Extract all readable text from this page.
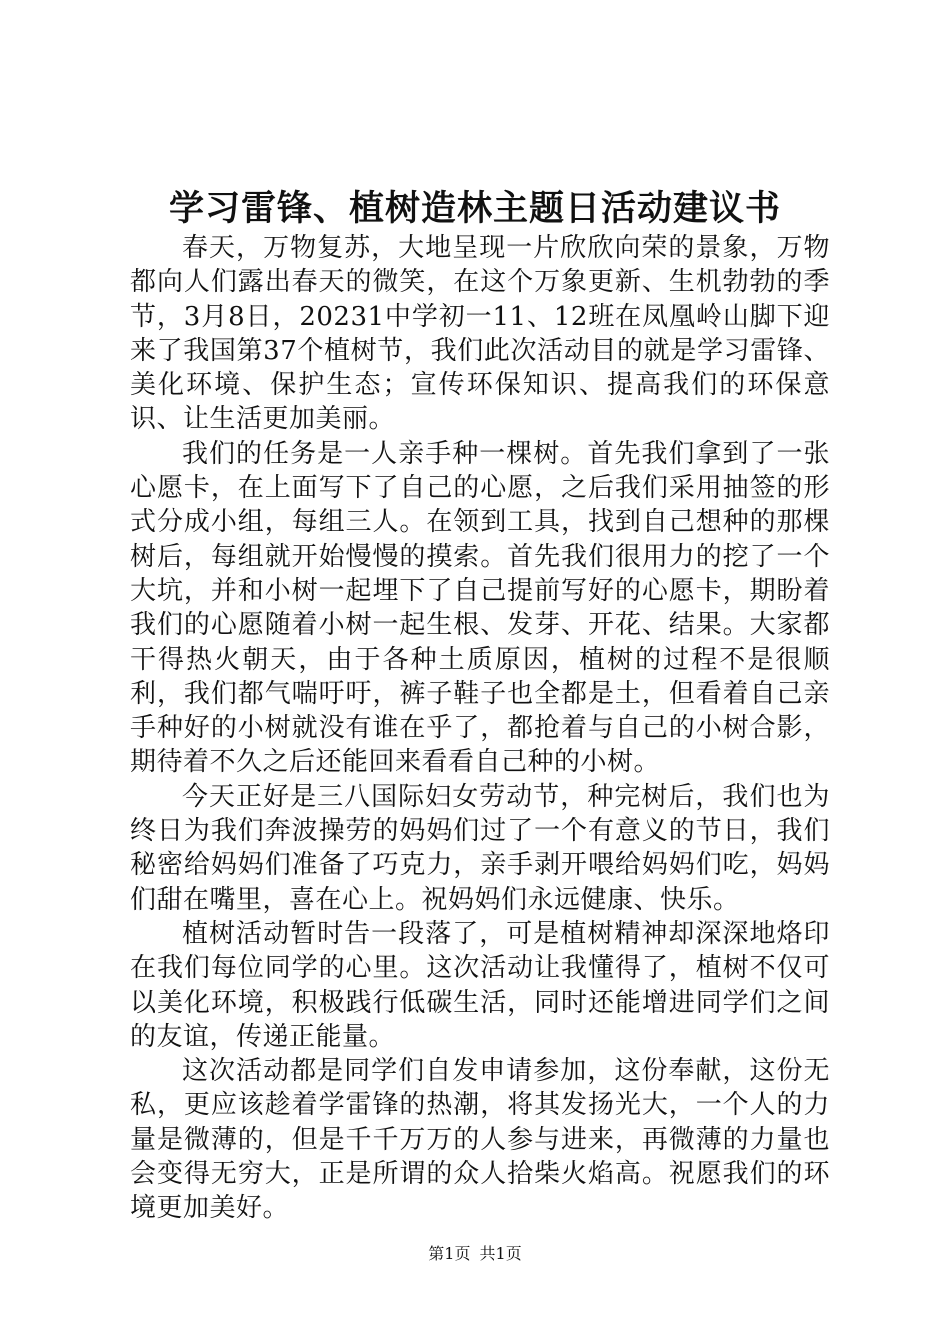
学习雷锋、植树造林主题日活动建议书

春天，万物复苏，大地呈现一片欣欣向荣的景象，万物都向人们露出春天的微笑，在这个万象更新、生机勃勃的季节，3月8日，20231中学初一11、12班在凤凰岭山脚下迎来了我国第37个植树节，我们此次活动目的就是学习雷锋、美化环境、保护生态；宣传环保知识、提高我们的环保意识、让生活更加美丽。

我们的任务是一人亲手种一棵树。首先我们拿到了一张心愿卡，在上面写下了自己的心愿，之后我们采用抽签的形式分成小组，每组三人。在领到工具，找到自己想种的那棵树后，每组就开始慢慢的摸索。首先我们很用力的挖了一个大坑，并和小树一起埋下了自己提前写好的心愿卡，期盼着我们的心愿随着小树一起生根、发芽、开花、结果。大家都干得热火朝天，由于各种土质原因，植树的过程不是很顺利，我们都气喘吁吁，裤子鞋子也全都是土，但看着自己亲手种好的小树就没有谁在乎了，都抢着与自己的小树合影，期待着不久之后还能回来看看自己种的小树。

今天正好是三八国际妇女劳动节，种完树后，我们也为终日为我们奔波操劳的妈妈们过了一个有意义的节日，我们秘密给妈妈们准备了巧克力，亲手剥开喂给妈妈们吃，妈妈们甜在嘴里，喜在心上。祝妈妈们永远健康、快乐。

植树活动暂时告一段落了，可是植树精神却深深地烙印在我们每位同学的心里。这次活动让我懂得了，植树不仅可以美化环境，积极践行低碳生活，同时还能增进同学们之间的友谊，传递正能量。

这次活动都是同学们自发申请参加，这份奉献，这份无私，更应该趁着学雷锋的热潮，将其发扬光大，一个人的力量是微薄的，但是千千万万的人参与进来，再微薄的力量也会变得无穷大，正是所谓的众人拾柴火焰高。祝愿我们的环境更加美好。

第1页 共1页
